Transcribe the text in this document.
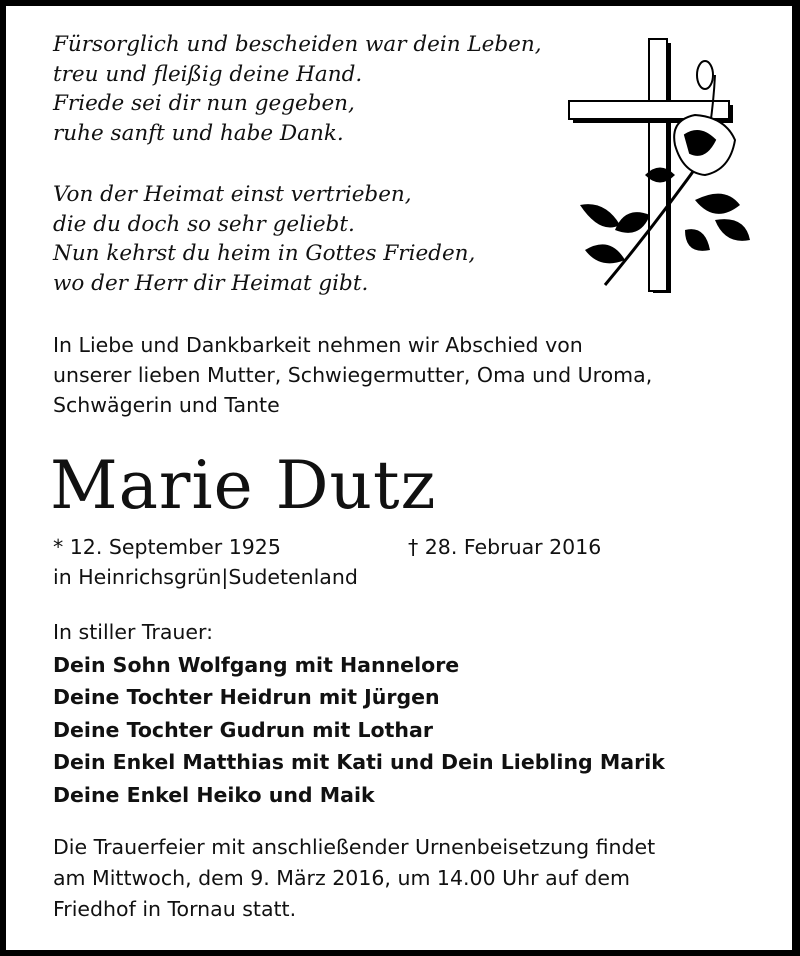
Fürsorglich und bescheiden war dein Leben,
treu und fleißig deine Hand.
Friede sei dir nun gegeben,
ruhe sanft und habe Dank.
Von der Heimat einst vertrieben,
die du doch so sehr geliebt.
Nun kehrst du heim in Gottes Frieden,
wo der Herr dir Heimat gibt.
In Liebe und Dankbarkeit nehmen wir Abschied von
unserer lieben Mutter, Schwiegermutter, Oma und Uroma,
Schwägerin und Tante
Marie Dutz
* 12. September 1925	† 28. Februar 2016
in Heinrichsgrün|Sudetenland
In stiller Trauer:
Dein Sohn Wolfgang mit Hannelore
Deine Tochter Heidrun mit Jürgen
Deine Tochter Gudrun mit Lothar
Dein Enkel Matthias mit Kati und Dein Liebling Marik
Deine Enkel Heiko und Maik
Die Trauerfeier mit anschließender Urnenbeisetzung findet
am Mittwoch, dem 9. März 2016, um 14.00 Uhr auf dem
Friedhof in Tornau statt.
